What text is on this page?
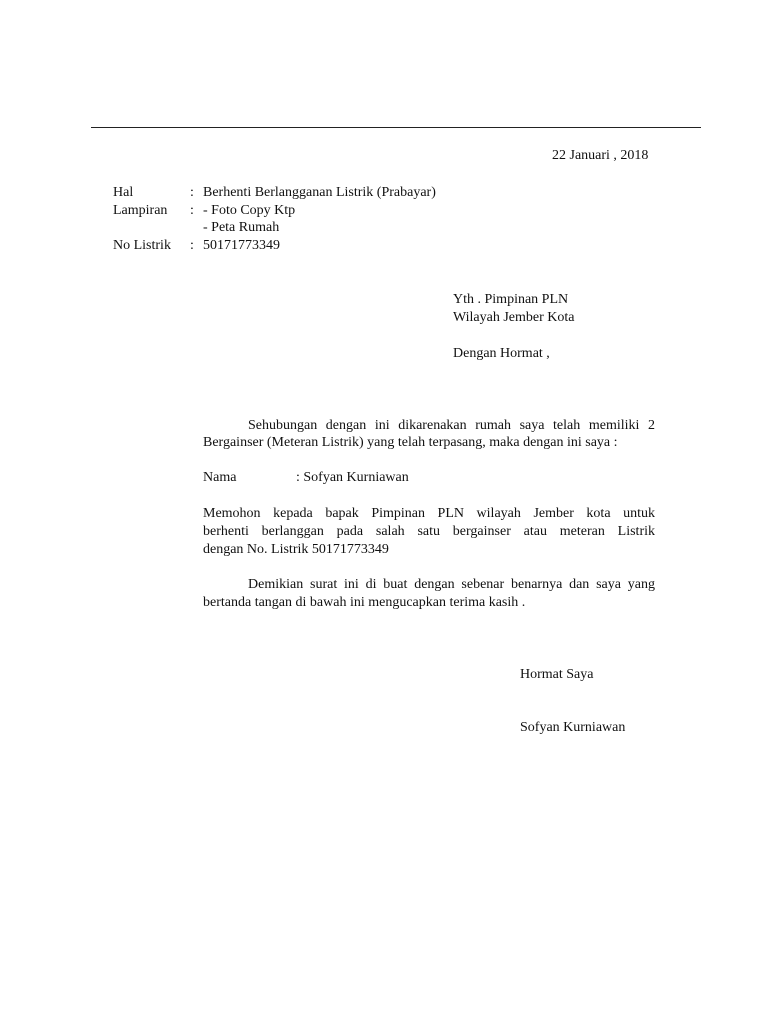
22 Januari , 2018
Hal	: Berhenti Berlangganan Listrik (Prabayar)
Lampiran : - Foto Copy Ktp
- Peta Rumah
No Listrik : 50171773349
Yth . Pimpinan PLN
Wilayah Jember Kota
Dengan Hormat ,
Sehubungan dengan ini dikarenakan rumah saya telah memiliki 2
Bergainser (Meteran Listrik) yang telah terpasang, maka dengan ini saya :
Nama	: Sofyan Kurniawan
Memohon kepada bapak Pimpinan PLN wilayah Jember kota untuk
berhenti berlanggan pada salah satu bergainser atau meteran Listrik
dengan No. Listrik 50171773349
Demikian surat ini di buat dengan sebenar benarnya dan saya yang
bertanda tangan di bawah ini mengucapkan terima kasih .
Hormat Saya
Sofyan Kurniawan
